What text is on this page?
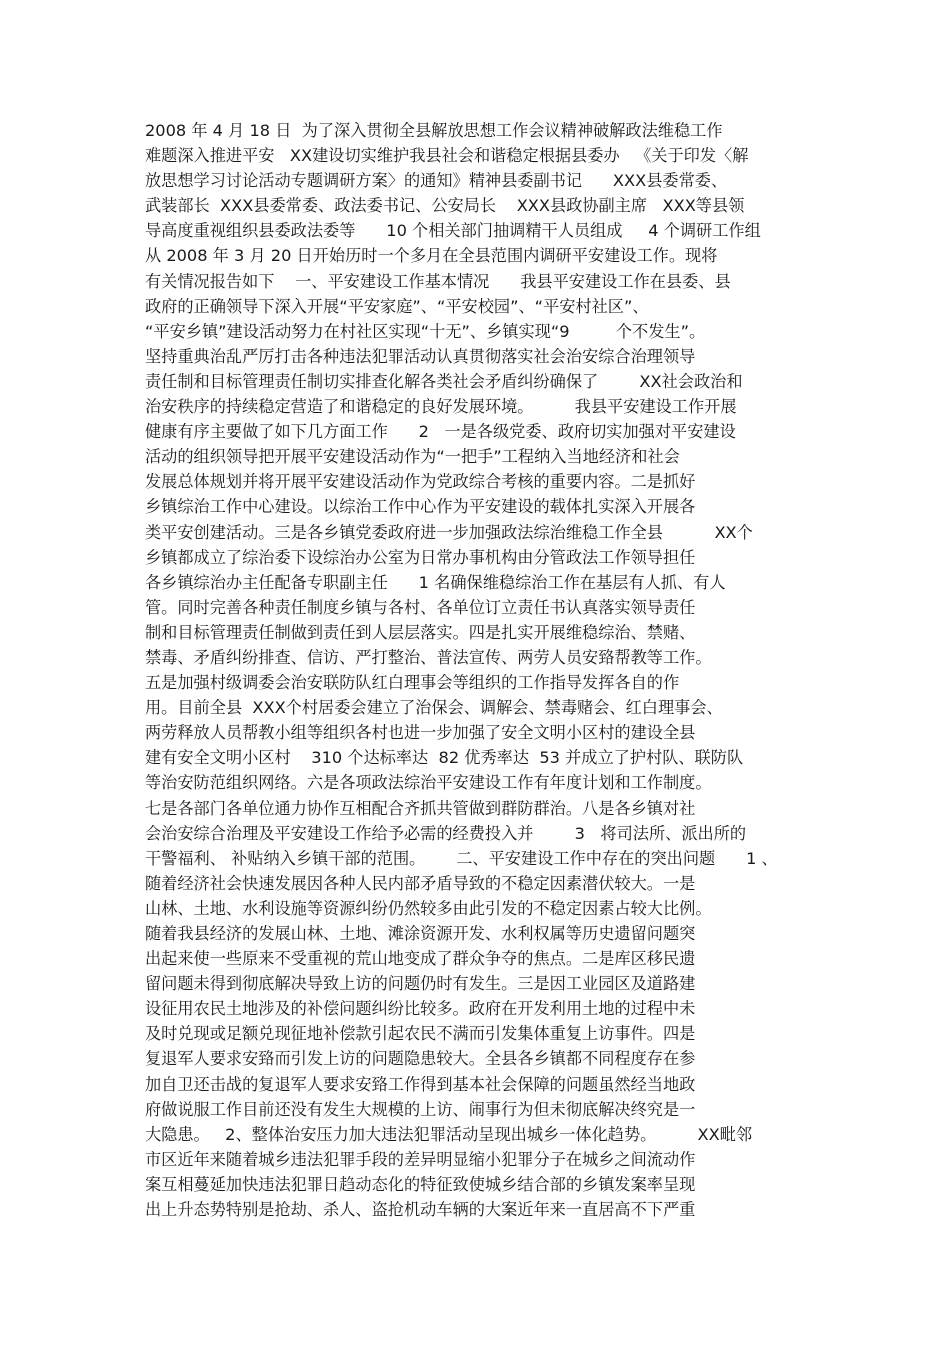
2008 年 4 月 18 日  为了深入贯彻全县解放思想工作会议精神破解政法维稳工作
难题深入推进平安   XX建设切实维护我县社会和谐稳定根据县委办   《关于印发〈解
放思想学习讨论活动专题调研方案〉的通知》精神县委副书记      XXX县委常委、
武装部长  XXX县委常委、政法委书记、公安局长    XXX县政协副主席   XXX等县领
导高度重视组织县委政法委等      10 个相关部门抽调精干人员组成     4 个调研工作组
从 2008 年 3 月 20 日开始历时一个多月在全县范围内调研平安建设工作。现将
有关情况报告如下    一、平安建设工作基本情况      我县平安建设工作在县委、县
政府的正确领导下深入开展“平安家庭”、“平安校园”、“平安村社区”、
“平安乡镇”建设活动努力在村社区实现“十无”、乡镇实现“9         个不发生”。
坚持重典治乱严厉打击各种违法犯罪活动认真贯彻落实社会治安综合治理领导
责任制和目标管理责任制切实排查化解各类社会矛盾纠纷确保了        XX社会政治和
治安秩序的持续稳定营造了和谐稳定的良好发展环境。        我县平安建设工作开展
健康有序主要做了如下几方面工作      2   一是各级党委、政府切实加强对平安建设
活动的组织领导把开展平安建设活动作为“一把手”工程纳入当地经济和社会
发展总体规划并将开展平安建设活动作为党政综合考核的重要内容。二是抓好
乡镇综治工作中心建设。以综治工作中心作为平安建设的载体扎实深入开展各
类平安创建活动。三是各乡镇党委政府进一步加强政法综治维稳工作全县          XX个
乡镇都成立了综治委下设综治办公室为日常办事机构由分管政法工作领导担任
各乡镇综治办主任配备专职副主任      1 名确保维稳综治工作在基层有人抓、有人
管。同时完善各种责任制度乡镇与各村、各单位订立责任书认真落实领导责任
制和目标管理责任制做到责任到人层层落实。四是扎实开展维稳综治、禁赌、
禁毒、矛盾纠纷排查、信访、严打整治、普法宣传、两劳人员安臵帮教等工作。
五是加强村级调委会治安联防队红白理事会等组织的工作指导发挥各自的作
用。目前全县  XXX个村居委会建立了治保会、调解会、禁毒赌会、红白理事会、
两劳释放人员帮教小组等组织各村也进一步加强了安全文明小区村的建设全县
建有安全文明小区村    310 个达标率达  82 优秀率达  53 并成立了护村队、联防队
等治安防范组织网络。六是各项政法综治平安建设工作有年度计划和工作制度。
七是各部门各单位通力协作互相配合齐抓共管做到群防群治。八是各乡镇对社
会治安综合治理及平安建设工作给予必需的经费投入并        3   将司法所、派出所的
干警福利、 补贴纳入乡镇干部的范围。      二、平安建设工作中存在的突出问题      1 、
随着经济社会快速发展因各种人民内部矛盾导致的不稳定因素潜伏较大。一是
山林、土地、水利设施等资源纠纷仍然较多由此引发的不稳定因素占较大比例。
随着我县经济的发展山林、土地、滩涂资源开发、水利权属等历史遗留问题突
出起来使一些原来不受重视的荒山地变成了群众争夺的焦点。二是库区移民遗
留问题未得到彻底解决导致上访的问题仍时有发生。三是因工业园区及道路建
设征用农民土地涉及的补偿问题纠纷比较多。政府在开发利用土地的过程中未
及时兑现或足额兑现征地补偿款引起农民不满而引发集体重复上访事件。四是
复退军人要求安臵而引发上访的问题隐患较大。全县各乡镇都不同程度存在参
加自卫还击战的复退军人要求安臵工作得到基本社会保障的问题虽然经当地政
府做说服工作目前还没有发生大规模的上访、闹事行为但未彻底解决终究是一
大隐患。   2、整体治安压力加大违法犯罪活动呈现出城乡一体化趋势。        XX毗邻
市区近年来随着城乡违法犯罪手段的差异明显缩小犯罪分子在城乡之间流动作
案互相蔓延加快违法犯罪日趋动态化的特征致使城乡结合部的乡镇发案率呈现
出上升态势特别是抢劫、杀人、盗抢机动车辆的大案近年来一直居高不下严重
